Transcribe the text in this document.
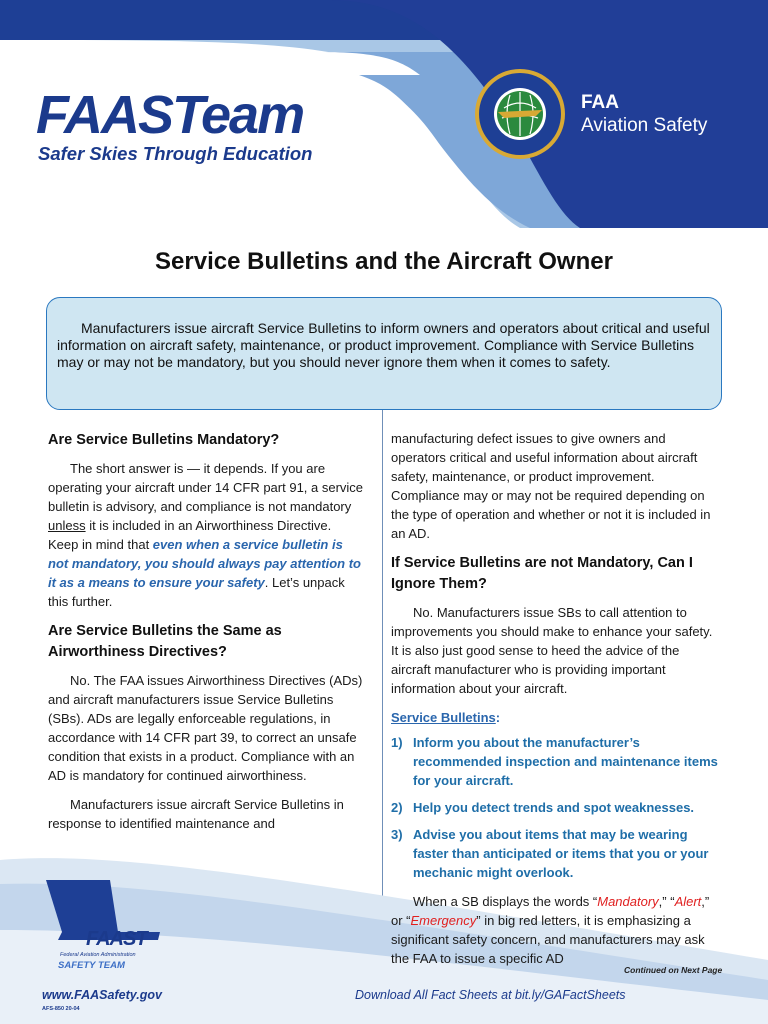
FAASTeam
Safer Skies Through Education
FAA
Aviation Safety
Service Bulletins and the Aircraft Owner

Manufacturers issue aircraft Service Bulletins to inform owners and operators about critical and useful information on aircraft safety, maintenance, or product improvement. Compliance with Service Bulletins may or may not be mandatory, but you should never ignore them when it comes to safety.

FAAST
Federal Aviation Administration
SAFETY TEAM
Are Service Bulletins Mandatory?

The short answer is — it depends. If you are operating your aircraft under 14 CFR part 91, a service bulletin is advisory, and compliance is not mandatory unless it is included in an Airworthiness Directive. Keep in mind that even when a service bulletin is not mandatory, you should always pay attention to it as a means to ensure your safety. Let’s unpack this further.

Are Service Bulletins the Same as Airworthiness Directives?

No. The FAA issues Airworthiness Directives (ADs) and aircraft manufacturers issue Service Bulletins (SBs). ADs are legally enforceable regulations, in accordance with 14 CFR part 39, to correct an unsafe condition that exists in a product. Compliance with an AD is mandatory for continued airworthiness.

Manufacturers issue aircraft Service Bulletins in response to identified maintenance and

manufacturing defect issues to give owners and operators critical and useful information about aircraft safety, maintenance, or product improvement. Compliance may or may not be required depending on the type of operation and whether or not it is included in an AD.

If Service Bulletins are not Mandatory, Can I Ignore Them?

No. Manufacturers issue SBs to call attention to improvements you should make to enhance your safety. It is also just good sense to heed the advice of the aircraft manufacturer who is providing important information about your aircraft.

Service Bulletins:
1) Inform you about the manufacturer’s recommended inspection and maintenance items for your aircraft.
2) Help you detect trends and spot weaknesses.
3) Advise you about items that may be wearing faster than anticipated or items that you or your mechanic might overlook.

When a SB displays the words “Mandatory,” “Alert,” or “Emergency” in big red letters, it is emphasizing a significant safety concern, and manufacturers may ask the FAA to issue a specific AD

Continued on Next Page
www.FAASafety.gov	Download All Fact Sheets at bit.ly/GAFactSheets
AFS-850 20-04
